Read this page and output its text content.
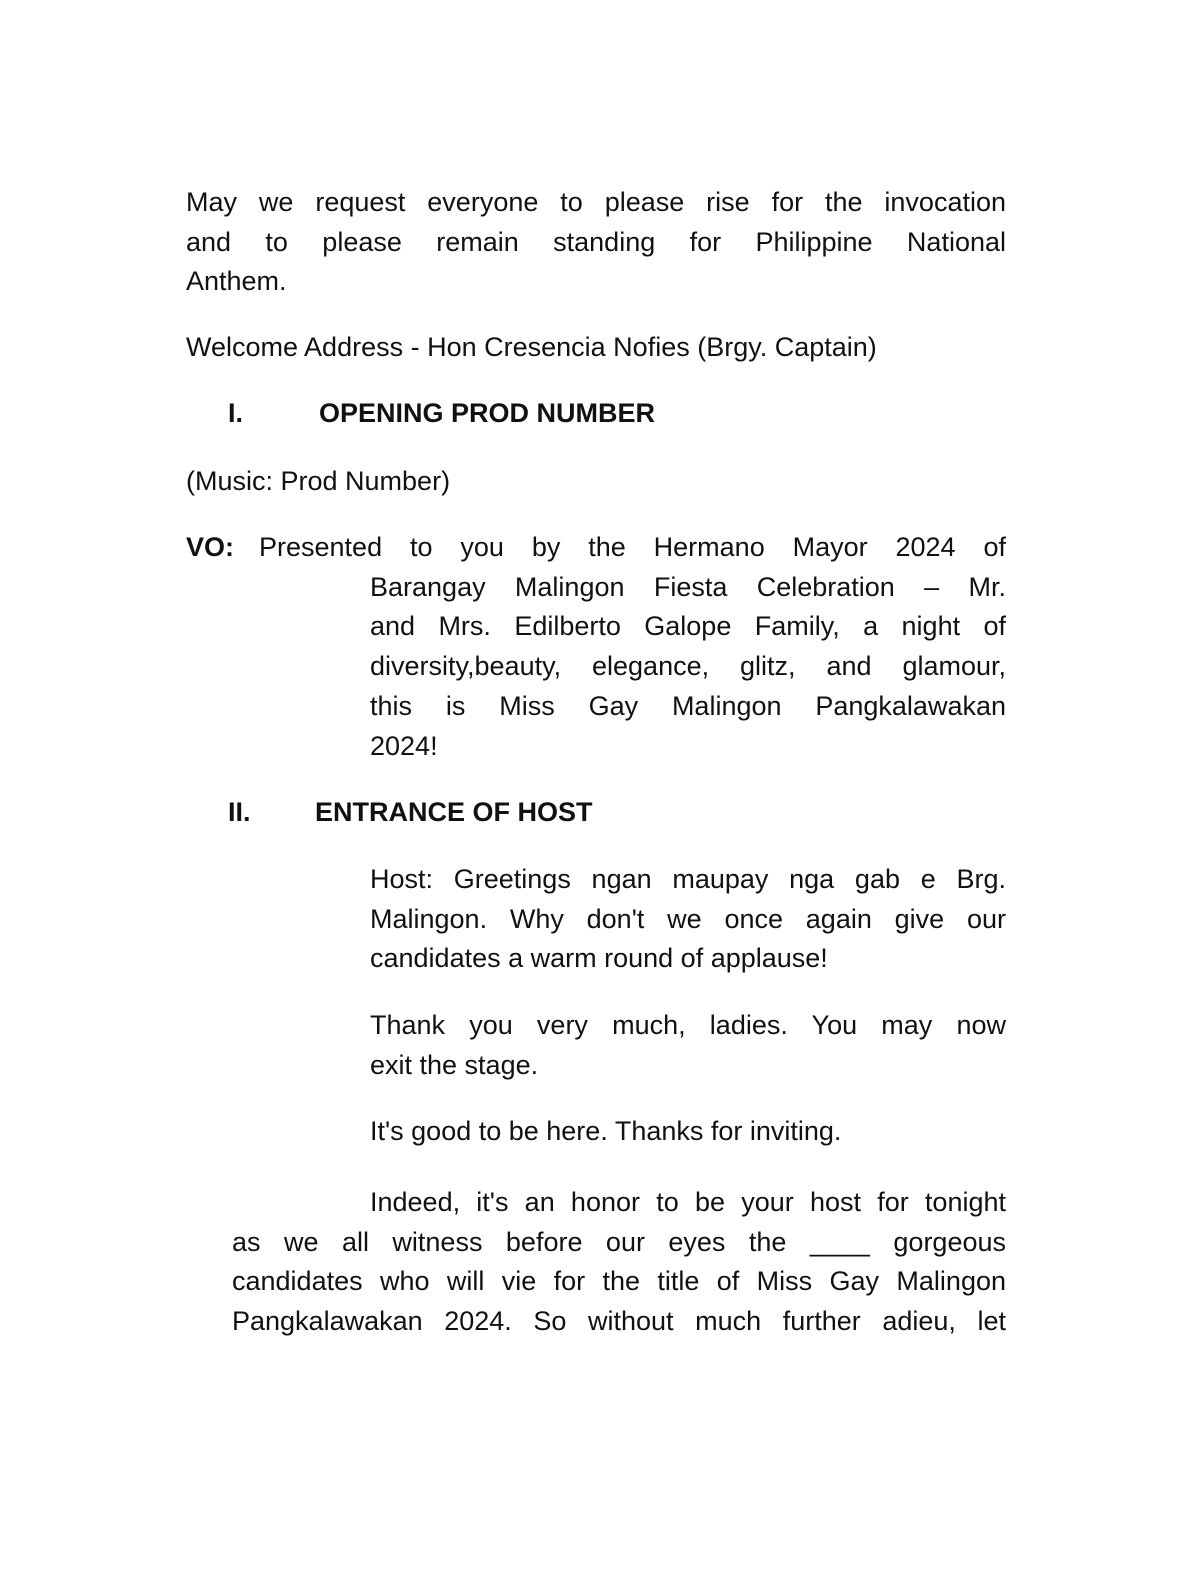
May we request everyone to please rise for the invocation
and to please remain standing for Philippine National
Anthem.
Welcome Address - Hon Cresencia Nofies (Brgy. Captain)
I.	OPENING PROD NUMBER
(Music: Prod Number)
VO: Presented to you by the Hermano Mayor 2024 of
Barangay Malingon Fiesta Celebration – Mr.
and Mrs. Edilberto Galope Family, a night of
diversity,beauty, elegance, glitz, and glamour,
this is Miss Gay Malingon Pangkalawakan
2024!
II. ENTRANCE OF HOST
Host: Greetings ngan maupay nga gab e Brg.
Malingon. Why don't we once again give our
candidates a warm round of applause!
Thank you very much, ladies. You may now
exit the stage.
It's good to be here. Thanks for inviting.
Indeed, it's an honor to be your host for tonight
as we all witness before our eyes the ____ gorgeous
candidates who will vie for the title of Miss Gay Malingon
Pangkalawakan 2024. So without much further adieu, let
